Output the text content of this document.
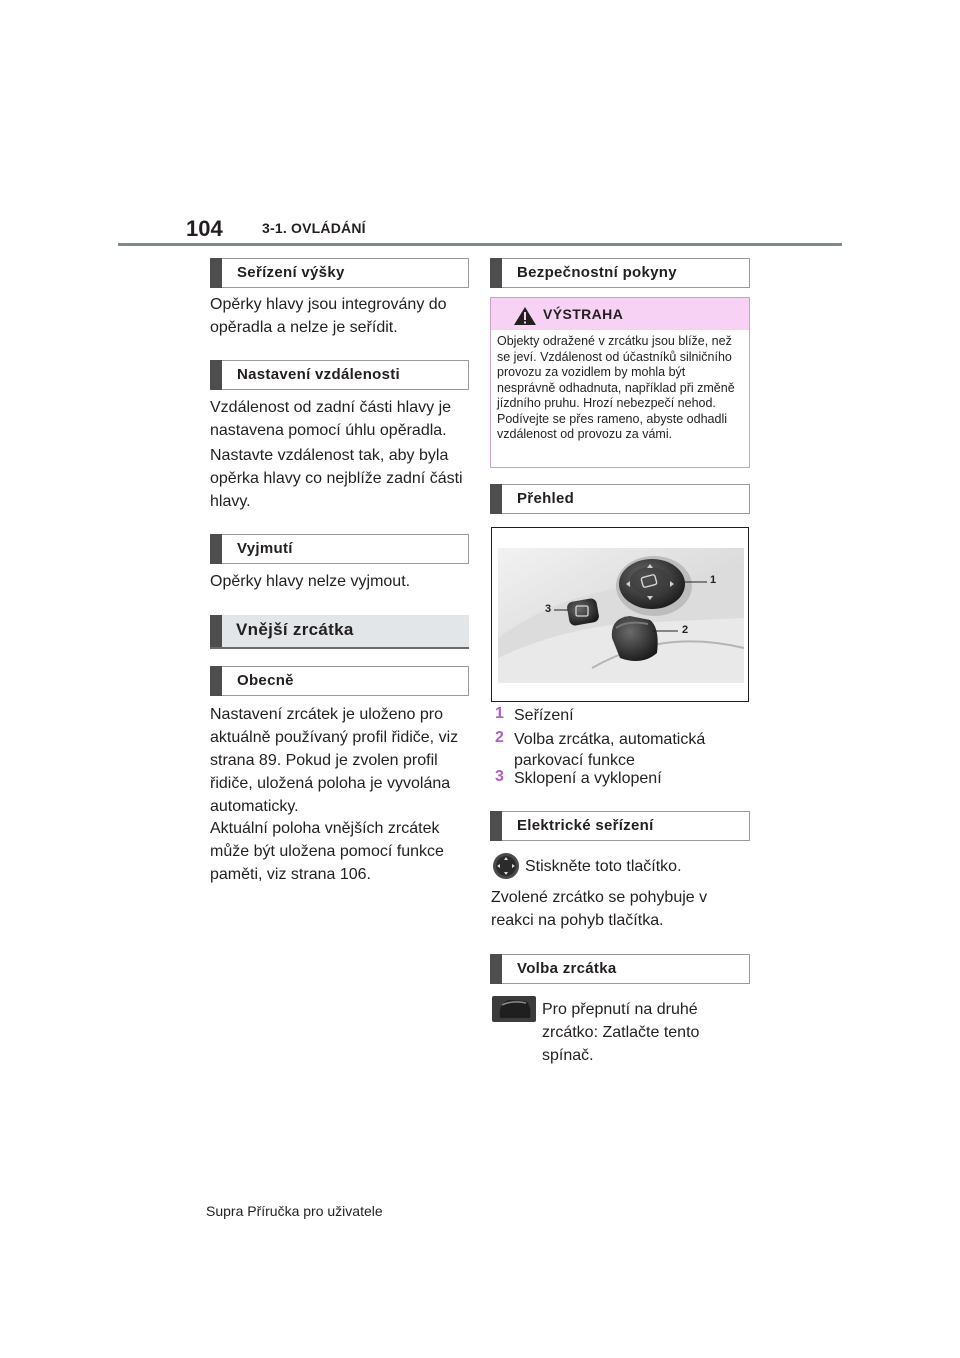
104	3-1. OVLÁDÁNÍ
Seřízení výšky
Opěrky hlavy jsou integrovány do opěradla a nelze je seřídit.
Nastavení vzdálenosti
Vzdálenost od zadní části hlavy je nastavena pomocí úhlu opěradla.
Nastavte vzdálenost tak, aby byla opěrka hlavy co nejblíže zadní části hlavy.
Vyjmutí
Opěrky hlavy nelze vyjmout.
Vnější zrcátka
Obecně
Nastavení zrcátek je uloženo pro aktuálně používaný profil řidiče, viz strana 89. Pokud je zvolen profil řidiče, uložená poloha je vyvolána automaticky.
Aktuální poloha vnějších zrcátek může být uložena pomocí funkce paměti, viz strana 106.
Bezpečnostní pokyny
VÝSTRAHA
Objekty odražené v zrcátku jsou blíže, než se jeví. Vzdálenost od účastníků silničního provozu za vozidlem by mohla být nesprávně odhadnuta, například při změně jízdního pruhu. Hrozí nebezpečí nehod. Podívejte se přes rameno, abyste odhadli vzdálenost od provozu za vámi.
Přehled
1
2
3
1 Seřízení
2 Volba zrcátka, automatická parkovací funkce
3 Sklopení a vyklopení
Elektrické seřízení
Stiskněte toto tlačítko.
Zvolené zrcátko se pohybuje v reakci na pohyb tlačítka.
Volba zrcátka
Pro přepnutí na druhé zrcátko: Zatlačte tento spínač.
Supra Příručka pro uživatele
